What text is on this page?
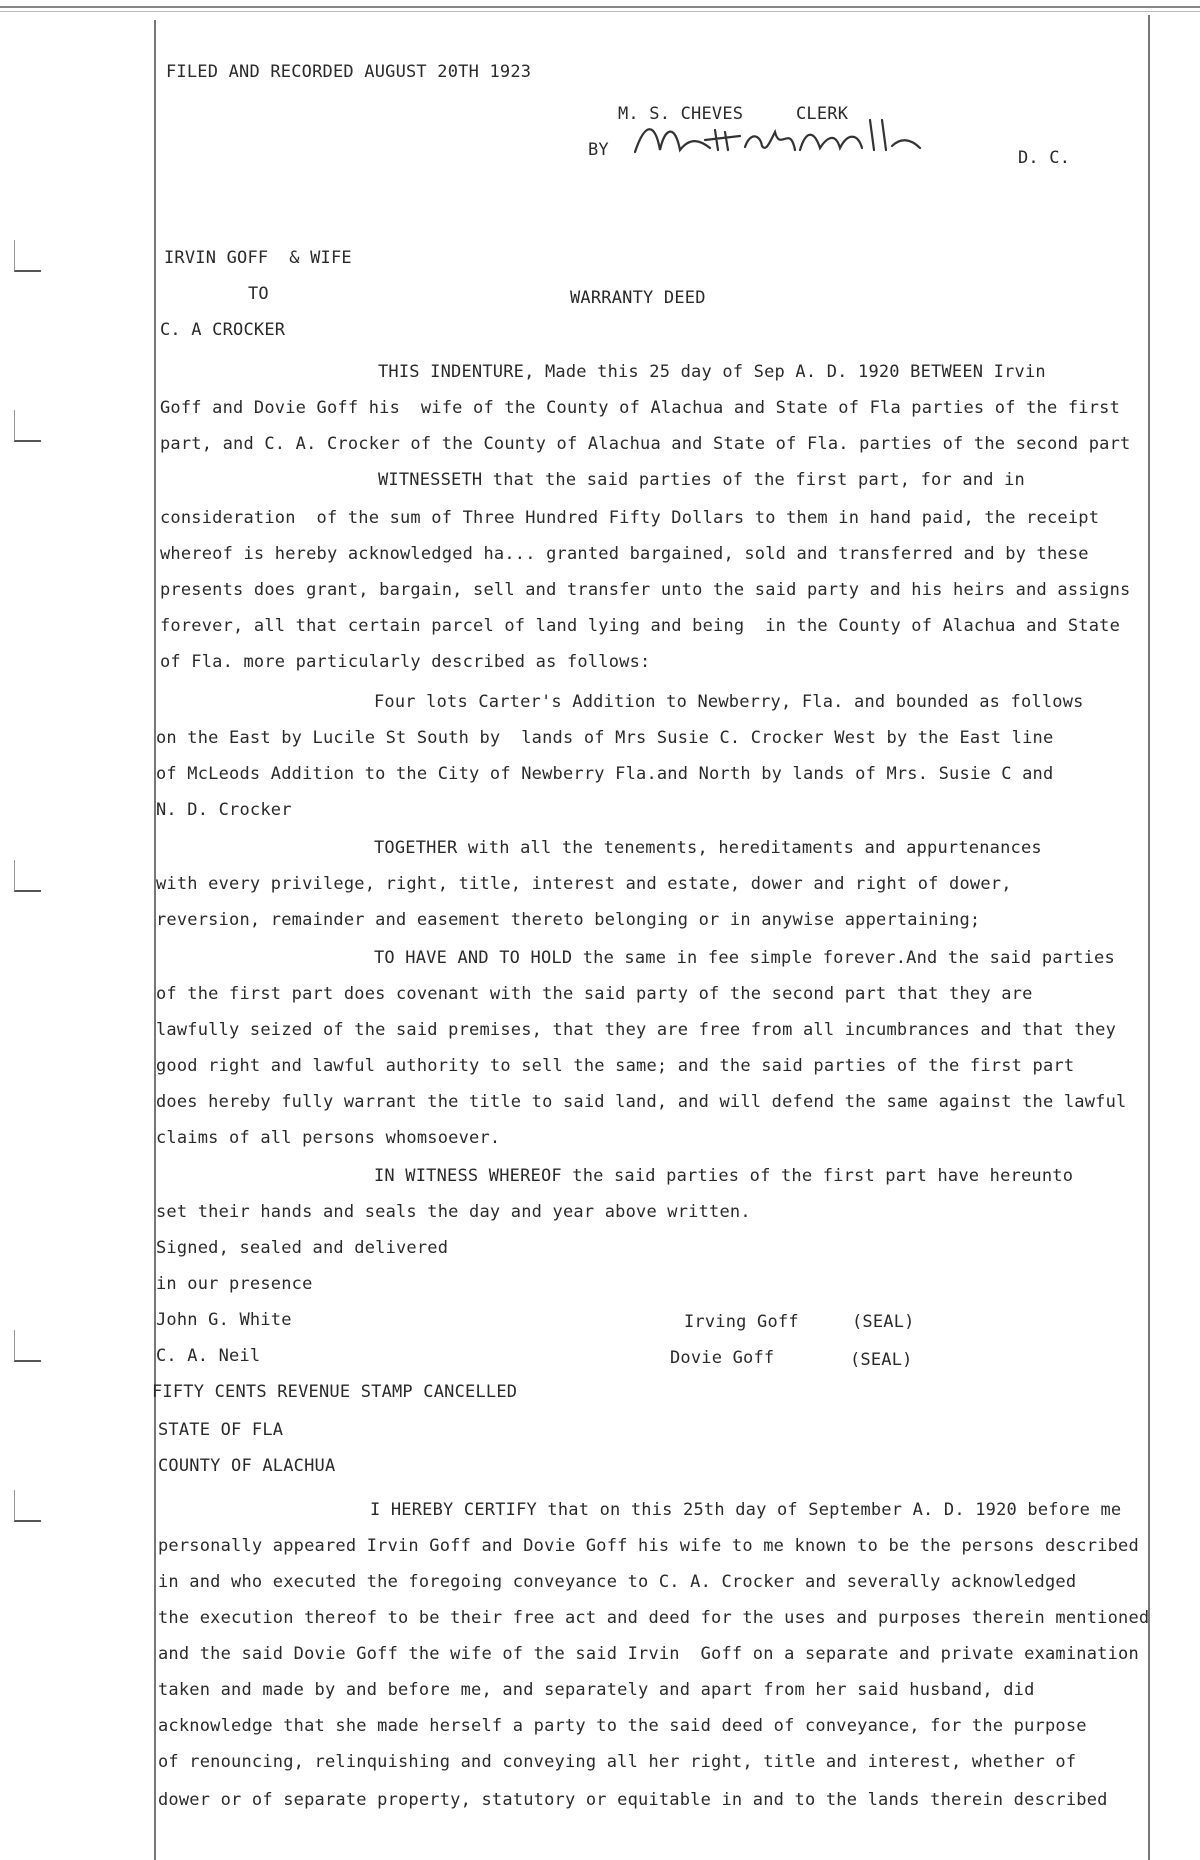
FILED AND RECORDED AUGUST 20TH 1923
M. S. CHEVES	CLERK
BY	D. C.
IRVIN GOFF  & WIFE
TO	WARRANTY DEED
C. A CROCKER
THIS INDENTURE, Made this 25 day of Sep A. D. 1920 BETWEEN Irvin
Goff and Dovie Goff his  wife of the County of Alachua and State of Fla parties of the first
part, and C. A. Crocker of the County of Alachua and State of Fla. parties of the second part
WITNESSETH that the said parties of the first part, for and in
consideration  of the sum of Three Hundred Fifty Dollars to them in hand paid, the receipt
whereof is hereby acknowledged ha... granted bargained, sold and transferred and by these
presents does grant, bargain, sell and transfer unto the said party and his heirs and assigns
forever, all that certain parcel of land lying and being  in the County of Alachua and State
of Fla. more particularly described as follows:
Four lots Carter's Addition to Newberry, Fla. and bounded as follows
on the East by Lucile St South by  lands of Mrs Susie C. Crocker West by the East line
of McLeods Addition to the City of Newberry Fla.and North by lands of Mrs. Susie C and
N. D. Crocker
TOGETHER with all the tenements, hereditaments and appurtenances
with every privilege, right, title, interest and estate, dower and right of dower,
reversion, remainder and easement thereto belonging or in anywise appertaining;
TO HAVE AND TO HOLD the same in fee simple forever.And the said parties
of the first part does covenant with the said party of the second part that they are
lawfully seized of the said premises, that they are free from all incumbrances and that they
good right and lawful authority to sell the same; and the said parties of the first part
does hereby fully warrant the title to said land, and will defend the same against the lawful
claims of all persons whomsoever.
IN WITNESS WHEREOF the said parties of the first part have hereunto
set their hands and seals the day and year above written.
Signed, sealed and delivered
in our presence
John G. White	Irving Goff	(SEAL)
C. A. Neil	Dovie Goff	(SEAL)
FIFTY CENTS REVENUE STAMP CANCELLED
STATE OF FLA
COUNTY OF ALACHUA
I HEREBY CERTIFY that on this 25th day of September A. D. 1920 before me
personally appeared Irvin Goff and Dovie Goff his wife to me known to be the persons described
in and who executed the foregoing conveyance to C. A. Crocker and severally acknowledged
the execution thereof to be their free act and deed for the uses and purposes therein mentioned
and the said Dovie Goff the wife of the said Irvin  Goff on a separate and private examination
taken and made by and before me, and separately and apart from her said husband, did
acknowledge that she made herself a party to the said deed of conveyance, for the purpose
of renouncing, relinquishing and conveying all her right, title and interest, whether of
dower or of separate property, statutory or equitable in and to the lands therein described
